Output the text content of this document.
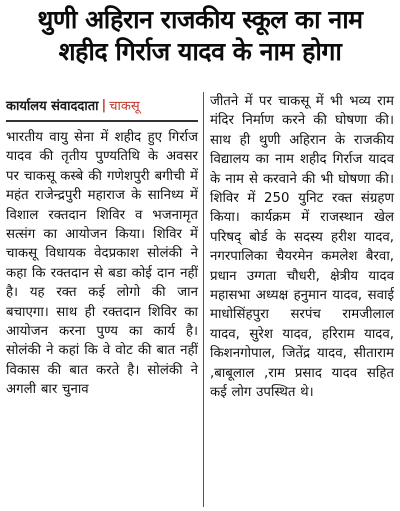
थुणी अहिरान राजकीय स्कूल का नाम

शहीद गिर्राज यादव के नाम होगा

कार्यालय संवाददाता | चाकसू

भारतीय वायु सेना में शहीद हुए गिर्राज यादव की तृतीय पुण्यतिथि के अवसर पर चाकसू कस्बे की गणेशपुरी बगीची में महंत राजेन्द्रपुरी महाराज के सानिध्य में विशाल रक्तदान शिविर व भजनामृत सत्संग का आयोजन किया। शिविर में चाकसू विधायक वेदप्रकाश सोलंकी ने कहा कि रक्तदान से बडा कोई दान नहीं है। यह रक्त कई लोगो की जान बचाएगा। साथ ही रक्तदान शिविर का आयोजन करना पुण्य का कार्य है। सोलंकी ने कहां कि वे वोट की बात नहीं विकास की बात करते है। सोलंकी ने अगली बार चुनाव

जीतने में पर चाकसू में भी भव्य राम मंदिर निर्माण करने की घोषणा की। साथ ही थुणी अहिरान के राजकीय विद्यालय का नाम शहीद गिर्राज यादव के नाम से करवाने की भी घोषणा की। शिविर में 250 युनिट रक्त संग्रहण किया। कार्यक्रम में राजस्थान खेल परिषद् बोर्ड के सदस्य हरीश यादव, नगरपालिका चैयरमेन कमलेश बैरवा, प्रधान उग्गता चौधरी, क्षेत्रीय यादव महासभा अध्यक्ष हनुमान यादव, सवाई माधोसिंहपुरा सरपंच रामजीलाल यादव, सुरेश यादव, हरिराम यादव, किशनगोपाल, जितेंद्र यादव, सीताराम ,बाबूलाल ,राम प्रसाद यादव सहित कई लोग उपस्थित थे।
